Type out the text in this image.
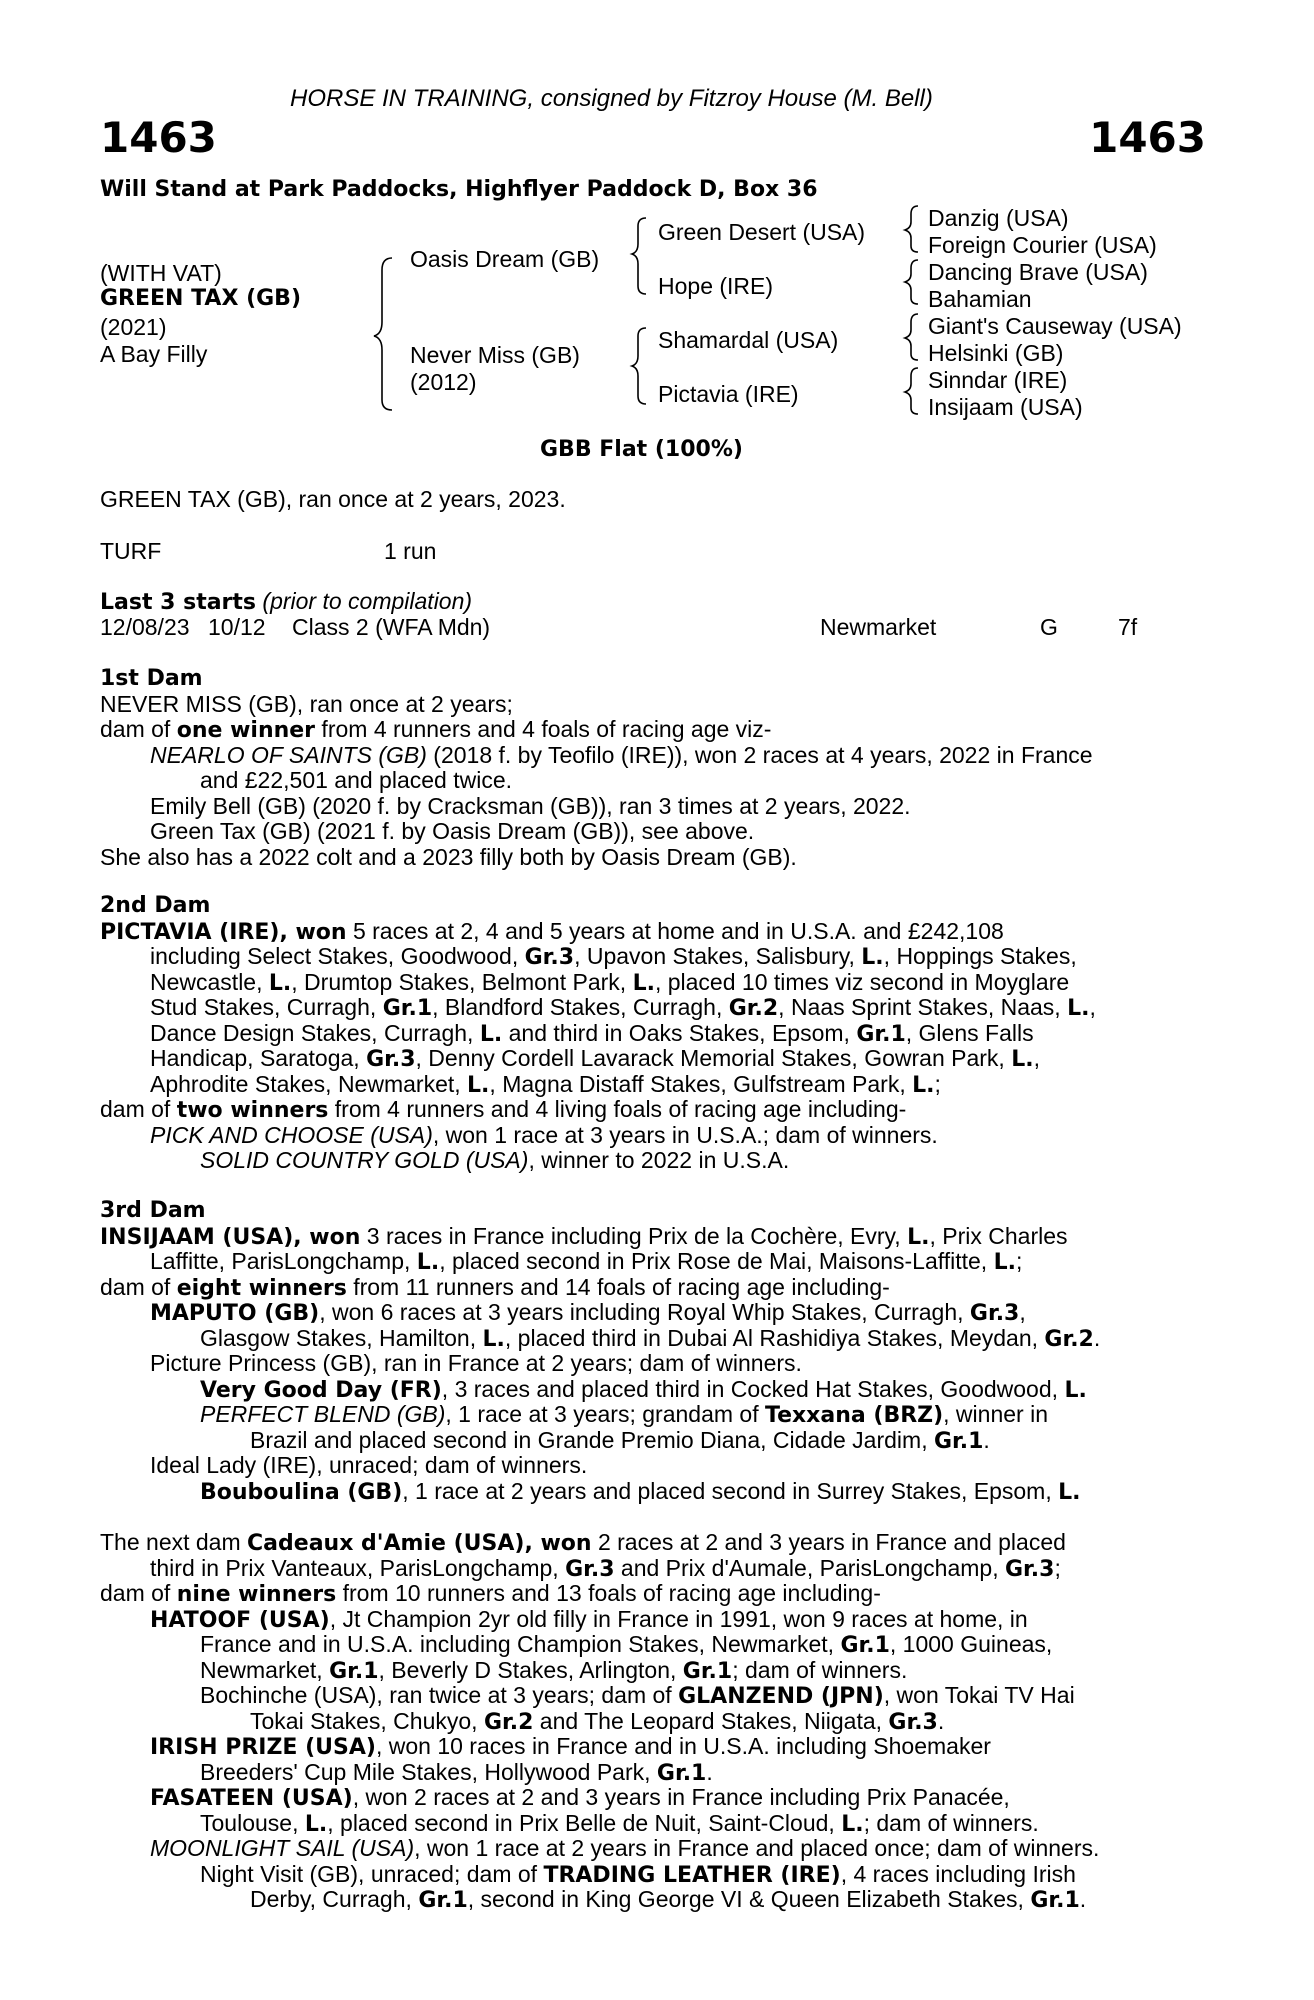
HORSE IN TRAINING, consigned by Fitzroy House (M. Bell)
1463	1463
Will Stand at Park Paddocks, Highflyer Paddock D, Box 36
(WITH VAT)
GREEN TAX (GB)
(2021)
A Bay Filly
Oasis Dream (GB)
Never Miss (GB)
(2012)
Green Desert (USA)
Hope (IRE)
Shamardal (USA)
Pictavia (IRE)
Danzig (USA)
Foreign Courier (USA)
Dancing Brave (USA)
Bahamian
Giant's Causeway (USA)
Helsinki (GB)
Sinndar (IRE)
Insijaam (USA)
GBB Flat (100%)
GREEN TAX (GB), ran once at 2 years, 2023.
TURF	1 run
Last 3 starts (prior to compilation)
12/08/23 10/12 Class 2 (WFA Mdn)	Newmarket	G	7f
1st Dam
NEVER MISS (GB), ran once at 2 years;
dam of one winner from 4 runners and 4 foals of racing age viz-
NEARLO OF SAINTS (GB) (2018 f. by Teofilo (IRE)), won 2 races at 4 years, 2022 in France
and £22,501 and placed twice.
Emily Bell (GB) (2020 f. by Cracksman (GB)), ran 3 times at 2 years, 2022.
Green Tax (GB) (2021 f. by Oasis Dream (GB)), see above.
She also has a 2022 colt and a 2023 filly both by Oasis Dream (GB).
2nd Dam
PICTAVIA (IRE), won 5 races at 2, 4 and 5 years at home and in U.S.A. and £242,108
including Select Stakes, Goodwood, Gr.3, Upavon Stakes, Salisbury, L., Hoppings Stakes,
Newcastle, L., Drumtop Stakes, Belmont Park, L., placed 10 times viz second in Moyglare
Stud Stakes, Curragh, Gr.1, Blandford Stakes, Curragh, Gr.2, Naas Sprint Stakes, Naas, L.,
Dance Design Stakes, Curragh, L. and third in Oaks Stakes, Epsom, Gr.1, Glens Falls
Handicap, Saratoga, Gr.3, Denny Cordell Lavarack Memorial Stakes, Gowran Park, L.,
Aphrodite Stakes, Newmarket, L., Magna Distaff Stakes, Gulfstream Park, L.;
dam of two winners from 4 runners and 4 living foals of racing age including-
PICK AND CHOOSE (USA), won 1 race at 3 years in U.S.A.; dam of winners.
SOLID COUNTRY GOLD (USA), winner to 2022 in U.S.A.
3rd Dam
INSIJAAM (USA), won 3 races in France including Prix de la Cochère, Evry, L., Prix Charles
Laffitte, ParisLongchamp, L., placed second in Prix Rose de Mai, Maisons-Laffitte, L.;
dam of eight winners from 11 runners and 14 foals of racing age including-
MAPUTO (GB), won 6 races at 3 years including Royal Whip Stakes, Curragh, Gr.3,
Glasgow Stakes, Hamilton, L., placed third in Dubai Al Rashidiya Stakes, Meydan, Gr.2.
Picture Princess (GB), ran in France at 2 years; dam of winners.
Very Good Day (FR), 3 races and placed third in Cocked Hat Stakes, Goodwood, L.
PERFECT BLEND (GB), 1 race at 3 years; grandam of Texxana (BRZ), winner in
Brazil and placed second in Grande Premio Diana, Cidade Jardim, Gr.1.
Ideal Lady (IRE), unraced; dam of winners.
Bouboulina (GB), 1 race at 2 years and placed second in Surrey Stakes, Epsom, L.
The next dam Cadeaux d'Amie (USA), won 2 races at 2 and 3 years in France and placed
third in Prix Vanteaux, ParisLongchamp, Gr.3 and Prix d'Aumale, ParisLongchamp, Gr.3;
dam of nine winners from 10 runners and 13 foals of racing age including-
HATOOF (USA), Jt Champion 2yr old filly in France in 1991, won 9 races at home, in
France and in U.S.A. including Champion Stakes, Newmarket, Gr.1, 1000 Guineas,
Newmarket, Gr.1, Beverly D Stakes, Arlington, Gr.1; dam of winners.
Bochinche (USA), ran twice at 3 years; dam of GLANZEND (JPN), won Tokai TV Hai
Tokai Stakes, Chukyo, Gr.2 and The Leopard Stakes, Niigata, Gr.3.
IRISH PRIZE (USA), won 10 races in France and in U.S.A. including Shoemaker
Breeders' Cup Mile Stakes, Hollywood Park, Gr.1.
FASATEEN (USA), won 2 races at 2 and 3 years in France including Prix Panacée,
Toulouse, L., placed second in Prix Belle de Nuit, Saint-Cloud, L.; dam of winners.
MOONLIGHT SAIL (USA), won 1 race at 2 years in France and placed once; dam of winners.
Night Visit (GB), unraced; dam of TRADING LEATHER (IRE), 4 races including Irish
Derby, Curragh, Gr.1, second in King George VI & Queen Elizabeth Stakes, Gr.1.
